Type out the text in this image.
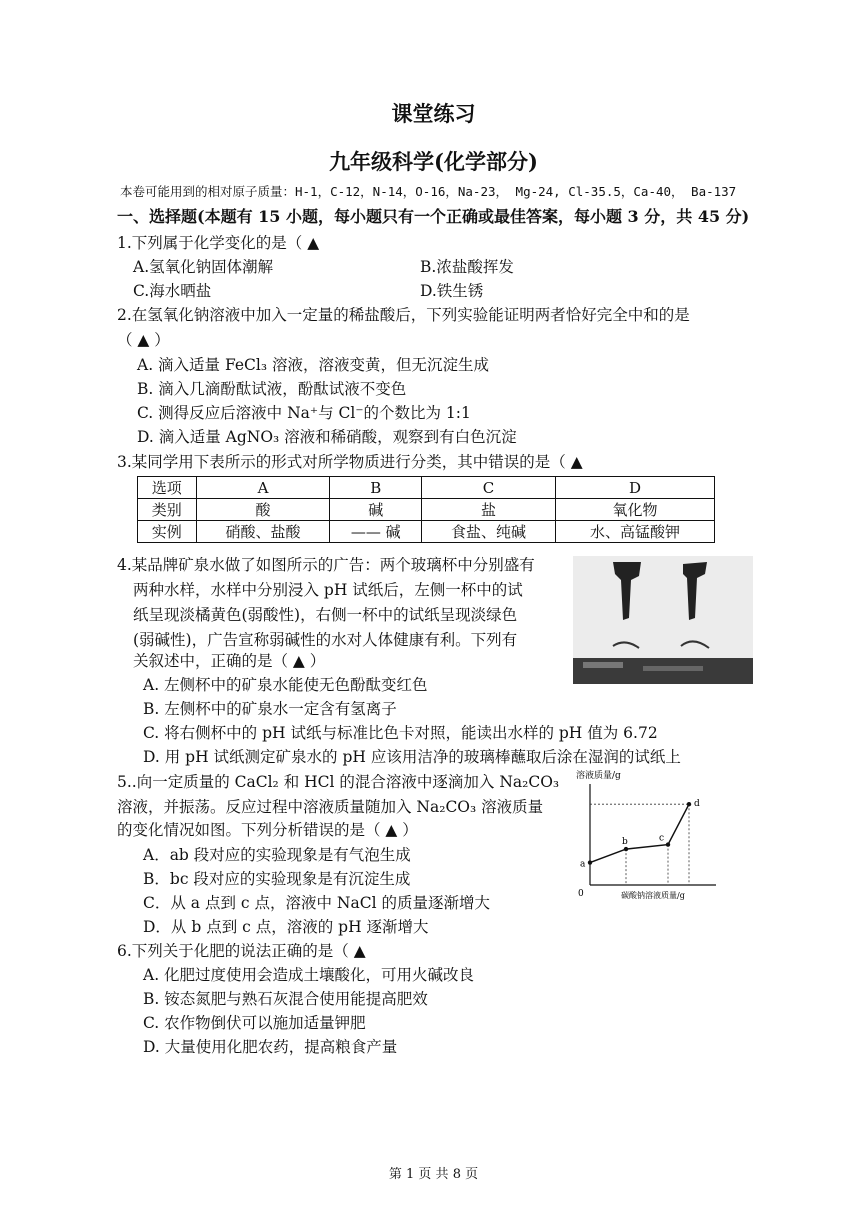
课堂练习
九年级科学(化学部分)
本卷可能用到的相对原子质量：H-1，C-12，N-14，O-16，Na-23， Mg-24, Cl-35.5，Ca-40， Ba-137
一、选择题(本题有 15 小题，每小题只有一个正确或最佳答案，每小题 3 分，共 45 分)
1.下列属于化学变化的是（ ▲
A.氢氧化钠固体潮解	B.浓盐酸挥发
C.海水晒盐	D.铁生锈
2.在氢氧化钠溶液中加入一定量的稀盐酸后，下列实验能证明两者恰好完全中和的是
（ ▲ ）
A. 滴入适量 FeCl₃ 溶液，溶液变黄，但无沉淀生成
B. 滴入几滴酚酞试液，酚酞试液不变色
C. 测得反应后溶液中 Na⁺与 Cl⁻的个数比为 1:1
D. 滴入适量 AgNO₃ 溶液和稀硝酸，观察到有白色沉淀
3.某同学用下表所示的形式对所学物质进行分类，其中错误的是（ ▲
选项	A	B	C	D
类别	酸	碱	盐	氧化物
实例	硝酸、盐酸	—— 碱	食盐、纯碱	水、高锰酸钾
4.某品牌矿泉水做了如图所示的广告：两个玻璃杯中分别盛有
两种水样，水样中分别浸入 pH 试纸后，左侧一杯中的试
纸呈现淡橘黄色(弱酸性)，右侧一杯中的试纸呈现淡绿色
(弱碱性)，广告宣称弱碱性的水对人体健康有利。下列有
关叙述中，正确的是（ ▲ ）
A. 左侧杯中的矿泉水能使无色酚酞变红色
B. 左侧杯中的矿泉水一定含有氢离子
C. 将右侧杯中的 pH 试纸与标准比色卡对照，能读出水样的 pH 值为 6.72
D. 用 pH 试纸测定矿泉水的 pH 应该用洁净的玻璃棒蘸取后涂在湿润的试纸上
5..向一定质量的 CaCl₂ 和 HCl 的混合溶液中逐滴加入 Na₂CO₃
溶液，并振荡。反应过程中溶液质量随加入 Na₂CO₃ 溶液质量
的变化情况如图。下列分析错误的是（ ▲ ）
A．ab 段对应的实验现象是有气泡生成
B．bc 段对应的实验现象是有沉淀生成
C．从 a 点到 c 点，溶液中 NaCl 的质量逐渐增大
D．从 b 点到 c 点，溶液的 pH 逐渐增大
溶液质量/g
0	碳酸钠溶液质量/g
a
b	c
d
6.下列关于化肥的说法正确的是（ ▲
A. 化肥过度使用会造成土壤酸化，可用火碱改良
B. 铵态氮肥与熟石灰混合使用能提高肥效
C. 农作物倒伏可以施加适量钾肥
D. 大量使用化肥农药，提高粮食产量
第 1 页 共 8 页
